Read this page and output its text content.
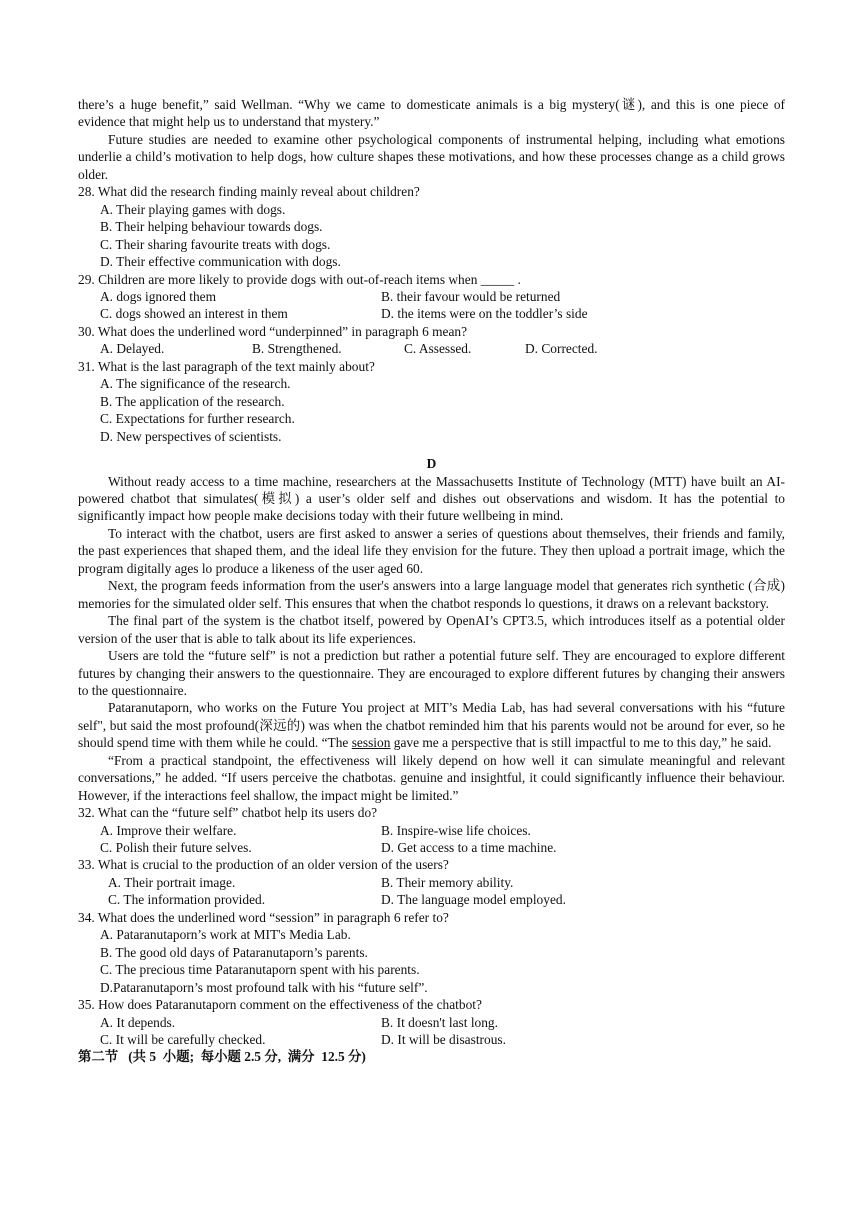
there’s a huge benefit,” said Wellman. “Why we came to domesticate animals is a big mystery(谜), and this is one piece of evidence that might help us to understand that mystery.”

Future studies are needed to examine other psychological components of instrumental helping, including what emotions underlie a child’s motivation to help dogs, how culture shapes these motivations, and how these processes change as a child grows older.

28. What did the research finding mainly reveal about children?

A. Their playing games with dogs.

B. Their helping behaviour towards dogs.

C. Their sharing favourite treats with dogs.

D. Their effective communication with dogs.

29. Children are more likely to provide dogs with out-of-reach items when _____ .

A. dogs ignored them	B. their favour would be returned
C. dogs showed an interest in them	D. the items were on the toddler’s side

30. What does the underlined word “underpinned” in paragraph 6 mean?

A. Delayed.	B. Strengthened.	C. Assessed.	D. Corrected.

31. What is the last paragraph of the text mainly about?

A. The significance of the research.

B. The application of the research.

C. Expectations for further research.

D. New perspectives of scientists.

D

Without ready access to a time machine, researchers at the Massachusetts Institute of Technology (MTT) have built an AI-powered chatbot that simulates(模拟) a user’s older self and dishes out observations and wisdom. It has the potential to significantly impact how people make decisions today with their future wellbeing in mind.

To interact with the chatbot, users are first asked to answer a series of questions about themselves, their friends and family, the past experiences that shaped them, and the ideal life they envision for the future. They then upload a portrait image, which the program digitally ages lo produce a likeness of the user aged 60.

Next, the program feeds information from the user's answers into a large language model that generates rich synthetic (合成) memories for the simulated older self. This ensures that when the chatbot responds lo questions, it draws on a relevant backstory.

The final part of the system is the chatbot itself, powered by OpenAI’s CPT3.5, which introduces itself as a potential older version of the user that is able to talk about its life experiences.

Users are told the “future self” is not a prediction but rather a potential future self. They are encouraged to explore different futures by changing their answers to the questionnaire. They are encouraged to explore different futures by changing their answers to the questionnaire.

Pataranutaporn, who works on the Future You project at MIT’s Media Lab, has had several conversations with his “future self", but said the most profound(深远的) was when the chatbot reminded him that his parents would not be around for ever, so he should spend time with them while he could. “The session gave me a perspective that is still impactful to me to this day,” he said.

“From a practical standpoint, the effectiveness will likely depend on how well it can simulate meaningful and relevant conversations,” he added. “If users perceive the chatbotas. genuine and insightful, it could significantly influence their behaviour. However, if the interactions feel shallow, the impact might be limited.”

32. What can the “future self” chatbot help its users do?

A. Improve their welfare.	B. Inspire-wise life choices.
C. Polish their future selves.	D. Get access to a time machine.

33. What is crucial to the production of an older version of the users?

A. Their portrait image.	B. Their memory ability.
C. The information provided.	D. The language model employed.

34. What does the underlined word “session” in paragraph 6 refer to?

A. Pataranutaporn’s work at MIT's Media Lab.

B. The good old days of Pataranutaporn’s parents.

C. The precious time Pataranutaporn spent with his parents.

D.Pataranutaporn’s most profound talk with his “future self”.

35. How does Pataranutaporn comment on the effectiveness of the chatbot?

A. It depends.	B. It doesn't last long.
C. It will be carefully checked.	D. It will be disastrous.

第二节   (共 5  小题;  每小题 2.5 分,  满分  12.5 分)
